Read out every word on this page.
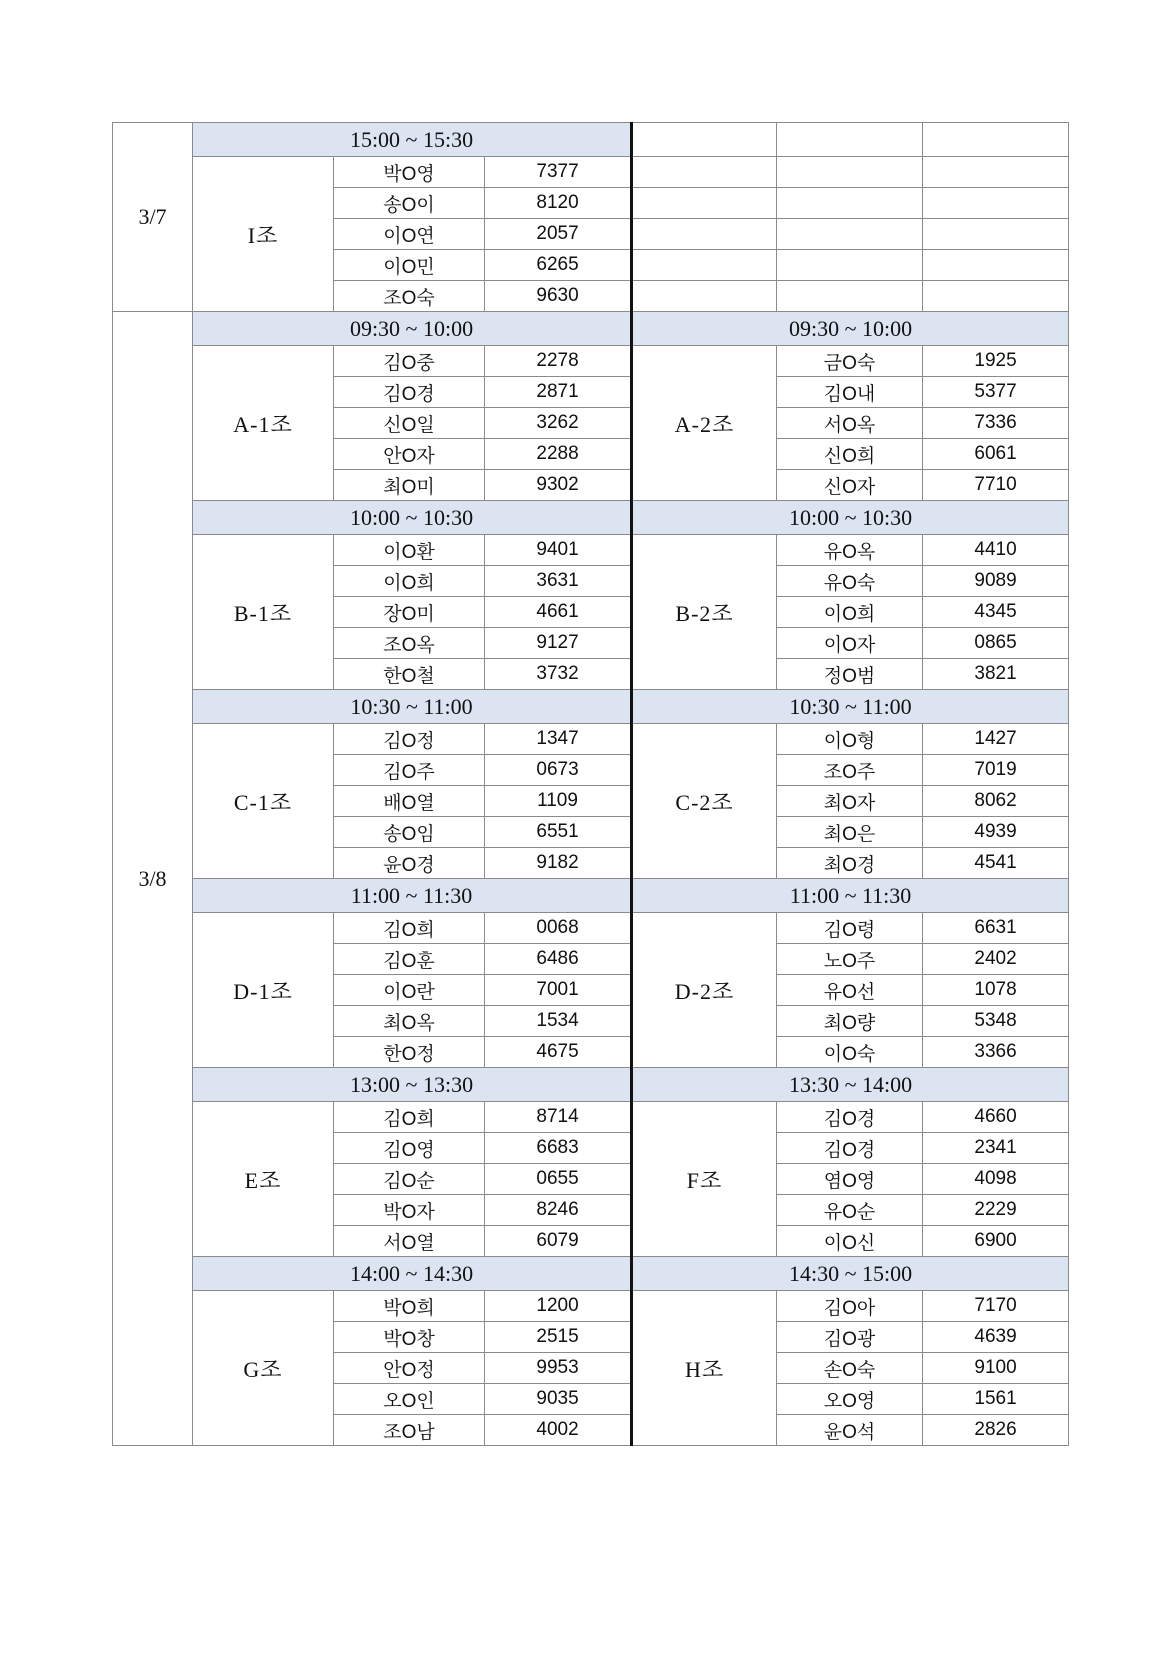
3/7	15:00 ~ 15:30					
	I조	박O영	7377			
		송O이	8120			
		이O연	2057			
		이O민	6265			
		조O숙	9630			
3/8	09:30 ~ 10:00			09:30 ~ 10:00		
	A-1조	김O중	2278	A-2조	금O숙	1925
		김O경	2871		김O내	5377
		신O일	3262		서O옥	7336
		안O자	2288		신O희	6061
		최O미	9302		신O자	7710
	10:00 ~ 10:30			10:00 ~ 10:30		
	B-1조	이O환	9401	B-2조	유O옥	4410
		이O희	3631		유O숙	9089
		장O미	4661		이O희	4345
		조O옥	9127		이O자	0865
		한O철	3732		정O범	3821
	10:30 ~ 11:00			10:30 ~ 11:00		
	C-1조	김O정	1347	C-2조	이O형	1427
		김O주	0673		조O주	7019
		배O열	1109		최O자	8062
		송O임	6551		최O은	4939
		윤O경	9182		최O경	4541
	11:00 ~ 11:30			11:00 ~ 11:30		
	D-1조	김O희	0068	D-2조	김O령	6631
		김O훈	6486		노O주	2402
		이O란	7001		유O선	1078
		최O옥	1534		최O량	5348
		한O정	4675		이O숙	3366
	13:00 ~ 13:30			13:30 ~ 14:00		
	E조	김O희	8714	F조	김O경	4660
		김O영	6683		김O경	2341
		김O순	0655		염O영	4098
		박O자	8246		유O순	2229
		서O열	6079		이O신	6900
	14:00 ~ 14:30			14:30 ~ 15:00		
	G조	박O희	1200	H조	김O아	7170
		박O창	2515		김O광	4639
		안O정	9953		손O숙	9100
		오O인	9035		오O영	1561
		조O남	4002		윤O석	2826
